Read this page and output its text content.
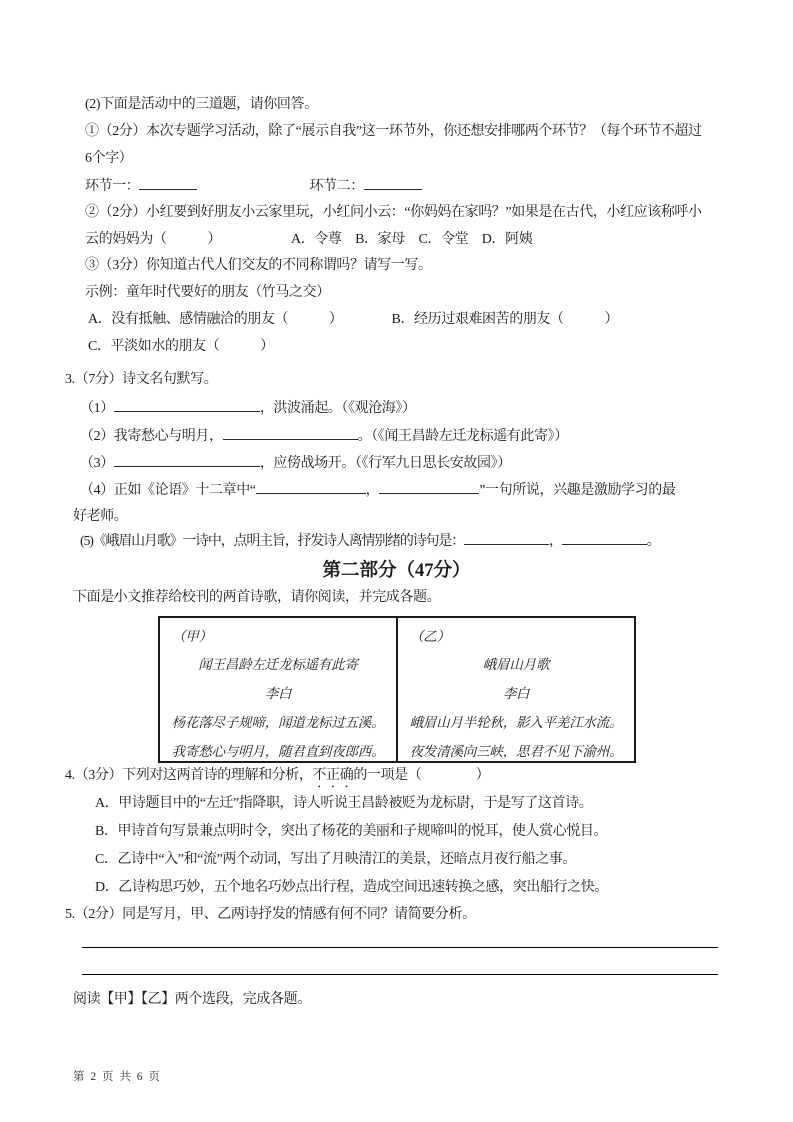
(2)下面是活动中的三道题，请你回答。
①（2分）本次专题学习活动，除了“展示自我”这一环节外，你还想安排哪两个环节？（每个环节不超过
6个字）
环节一：	环节二：
②（2分）小红要到好朋友小云家里玩，小红问小云：“你妈妈在家吗？”如果是在古代，小红应该称呼小
云的妈妈为（　　　）	A．令尊　B．家母　C．令堂　D．阿姨
③（3分）你知道古代人们交友的不同称谓吗？请写一写。
示例：童年时代要好的朋友（竹马之交）
A．没有抵触、感情融洽的朋友（　　　）	B．经历过艰难困苦的朋友（　　　）
C．平淡如水的朋友（　　　）
3.（7分）诗文名句默写。
（1）	，洪波涌起。（《观沧海》）
（2）我寄愁心与明月，	。（《闻王昌龄左迁龙标遥有此寄》）
（3）	，应傍战场开。（《行军九日思长安故园》）
（4）正如《论语》十二章中“	，	”一句所说，兴趣是激励学习的最
好老师。
(5)《峨眉山月歌》一诗中，点明主旨，抒发诗人离情别绪的诗句是：	，	。
第二部分（47分）
下面是小文推荐给校刊的两首诗歌，请你阅读，并完成各题。
（甲）
闻王昌龄左迁龙标遥有此寄
李白
杨花落尽子规啼，闻道龙标过五溪。
我寄愁心与明月，随君直到夜郎西。
（乙）
峨眉山月歌
李白
峨眉山月半轮秋，影入平羌江水流。
夜发清溪向三峡，思君不见下渝州。
4.（3分）下列对这两首诗的理解和分析，不正确的一项是（　　　　）
A．甲诗题目中的“左迁”指降职，诗人听说王昌龄被贬为龙标尉，于是写了这首诗。
B．甲诗首句写景兼点明时令，突出了杨花的美丽和子规啼叫的悦耳，使人赏心悦目。
C．乙诗中“入”和“流”两个动词，写出了月映清江的美景，还暗点月夜行船之事。
D．乙诗构思巧妙，五个地名巧妙点出行程，造成空间迅速转换之感，突出船行之快。
5.（2分）同是写月，甲、乙两诗抒发的情感有何不同？请简要分析。
阅读【甲】【乙】两个选段，完成各题。
第 2 页 共 6 页
